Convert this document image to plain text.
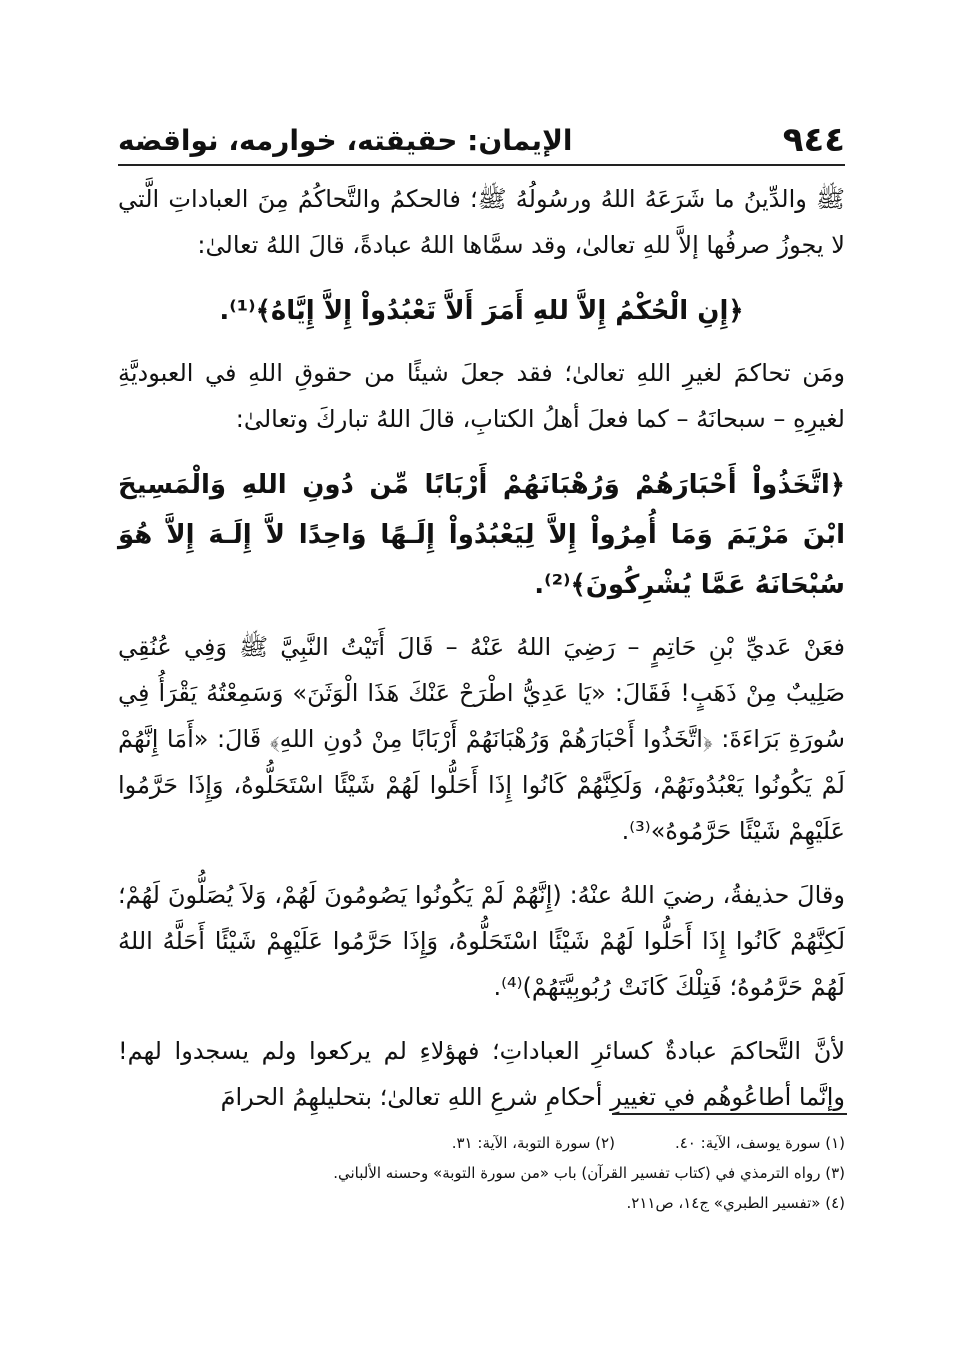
٩٤٤
الإيمان: حقيقته، خوارمه، نواقضه

ﷺ والدِّينُ ما شَرَعَهُ اللهُ ورسُولُهُ ﷺ؛ فالحكمُ والتَّحاكُمُ مِنَ العباداتِ الَّتي لا يجوزُ صرفُها إلاَّ للهِ تعالىٰ، وقد سمَّاها اللهُ عبادةً، قالَ اللهُ تعالىٰ:

﴿إِنِ الْحُكْمُ إِلاَّ للهِ أَمَرَ أَلاَّ تَعْبُدُواْ إِلاَّ إِيَّاهُ﴾⁽¹⁾.

ومَن تحاكمَ لغيرِ اللهِ تعالىٰ؛ فقد جعلَ شيئًا من حقوقِ اللهِ في العبوديَّةِ لغيرِهِ – سبحانَهُ – كما فعلَ أهلُ الكتابِ، قالَ اللهُ تباركَ وتعالىٰ:

﴿اتَّخَذُواْ أَحْبَارَهُمْ وَرُهْبَانَهُمْ أَرْبَابًا مِّن دُونِ اللهِ وَالْمَسِيحَ ابْنَ مَرْيَمَ وَمَا أُمِرُواْ إِلاَّ لِيَعْبُدُواْ إِلَـهًا وَاحِدًا لاَّ إِلَـهَ إِلاَّ هُوَ سُبْحَانَهُ عَمَّا يُشْرِكُونَ﴾⁽²⁾.

فعَنْ عَديِّ بْنِ حَاتِمٍ – رَضِيَ اللهُ عَنْهُ – قَالَ أَتَيْتُ النَّبِيَّ ﷺ وَفِي عُنُقِي صَلِيبٌ مِنْ ذَهَبٍ! فَقَالَ: «يَا عَدِيُّ اطْرَحْ عَنْكَ هَذَا الْوَثَنَ» وَسَمِعْتُهُ يَقْرَأُ فِي سُورَةِ بَرَاءَةَ: ﴿اتَّخَذُوا أَحْبَارَهُمْ وَرُهْبَانَهُمْ أَرْبَابًا مِنْ دُونِ اللهِ﴾ قَالَ: «أَمَا إِنَّهُمْ لَمْ يَكُونُوا يَعْبُدُونَهُمْ، وَلَكِنَّهُمْ كَانُوا إِذَا أَحَلُّوا لَهُمْ شَيْئًا اسْتَحَلُّوهُ، وَإِذَا حَرَّمُوا عَلَيْهِمْ شَيْئًا حَرَّمُوهُ»⁽³⁾.

وقالَ حذيفةُ، رضيَ اللهُ عنْهُ: (إِنَّهُمْ لَمْ يَكُونُوا يَصُومُونَ لَهُمْ، وَلاَ يُصَلُّونَ لَهُمْ؛ لَكِنَّهُمْ كَانُوا إِذَا أَحَلُّوا لَهُمْ شَيْئًا اسْتَحَلُّوهُ، وَإِذَا حَرَّمُوا عَلَيْهِمْ شَيْئًا أَحَلَّهُ اللهُ لَهُمْ حَرَّمُوهُ؛ فَتِلْكَ كَانَتْ رُبُوبِيَّتَهُمْ)⁽⁴⁾.

لأنَّ التَّحاكمَ عبادةٌ كسائرِ العباداتِ؛ فهؤلاءِ لم يركعوا ولم يسجدوا لهم! وإنَّما أطاعُوهُم في تغييرِ أحكامِ شرعِ اللهِ تعالىٰ؛ بتحليلهِمُ الحرامَ

(١) سورة يوسف، الآية: ٤٠.
(٢) سورة التوبة، الآية: ٣١.
(٣) رواه الترمذي في (كتاب تفسير القرآن) باب «من سورة التوبة» وحسنه الألباني.
(٤) «تفسير الطبري» ج١٤، ص٢١١.
